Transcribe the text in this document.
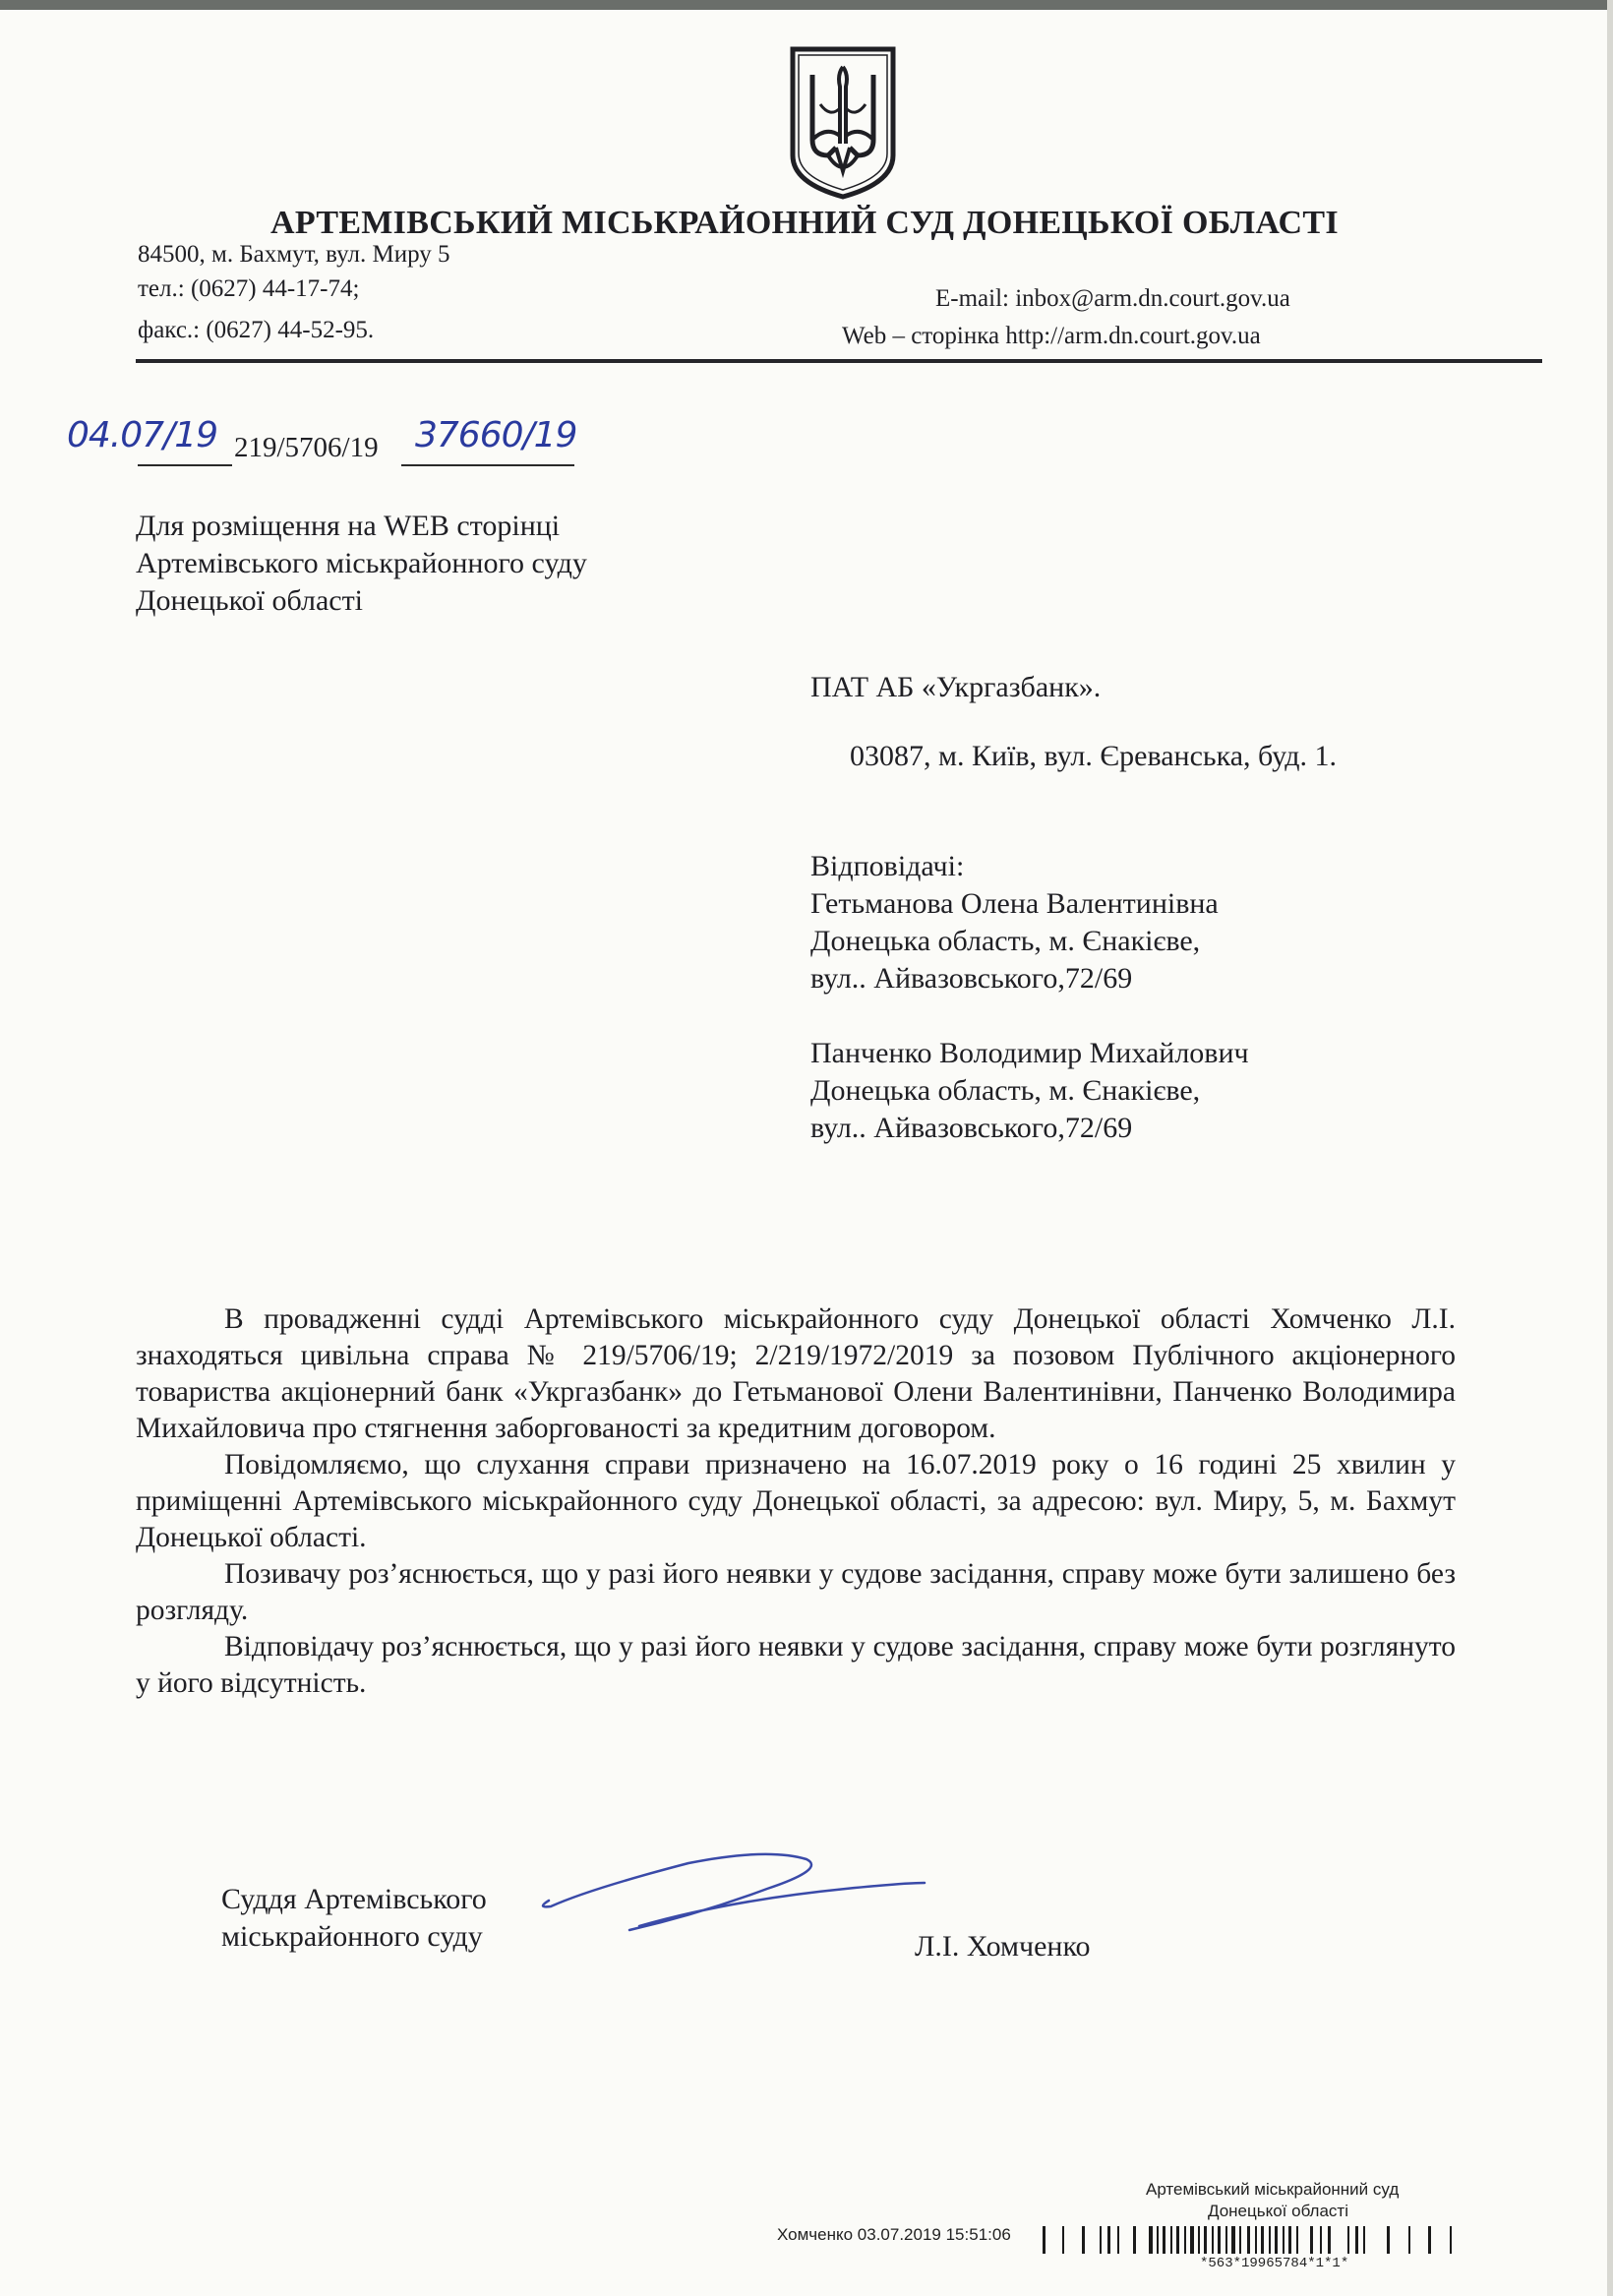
АРТЕМІВСЬКИЙ МІСЬКРАЙОННИЙ СУД ДОНЕЦЬКОЇ ОБЛАСТІ
84500, м. Бахмут, вул. Миру 5
тел.: (0627) 44-17-74;
факс.: (0627) 44-52-95.
E-mail: inbox@arm.dn.court.gov.ua
Web – сторінка http://arm.dn.court.gov.ua
04.07/19 219/5706/19 37660/19
Для розміщення на WEB сторінці
Артемівського міськрайонного суду
Донецької області
ПАТ АБ «Укргазбанк».
03087, м. Київ, вул. Єреванська, буд. 1.
Відповідачі:
Гетьманова Олена Валентинівна
Донецька область, м. Єнакієве,
вул.. Айвазовського,72/69
Панченко Володимир Михайлович
Донецька область, м. Єнакієве,
вул.. Айвазовського,72/69

В провадженні судді Артемівського міськрайонного суду Донецької області Хомченко Л.І. знаходяться цивільна справа № 219/5706/19; 2/219/1972/2019 за позовом Публічного акціонерного товариства акціонерний банк «Укргазбанк» до Гетьманової Олени Валентинівни, Панченко Володимира Михайловича про стягнення заборгованості за кредитним договором.

Повідомляємо, що слухання справи призначено на 16.07.2019 року о 16 годині 25 хвилин у приміщенні Артемівського міськрайонного суду Донецької області, за адресою: вул. Миру, 5, м. Бахмут Донецької області.

Позивачу роз’яснюється, що у разі його неявки у судове засідання, справу може бути залишено без розгляду.

Відповідачу роз’яснюється, що у разі його неявки у судове засідання, справу може бути розглянуто у його відсутність.

Суддя Артемівського
міськрайонного суду	Л.І. Хомченко
Артемівський міськрайонний суд
Донецької області
Хомченко 03.07.2019 15:51:06
*563*19965784*1*1*
